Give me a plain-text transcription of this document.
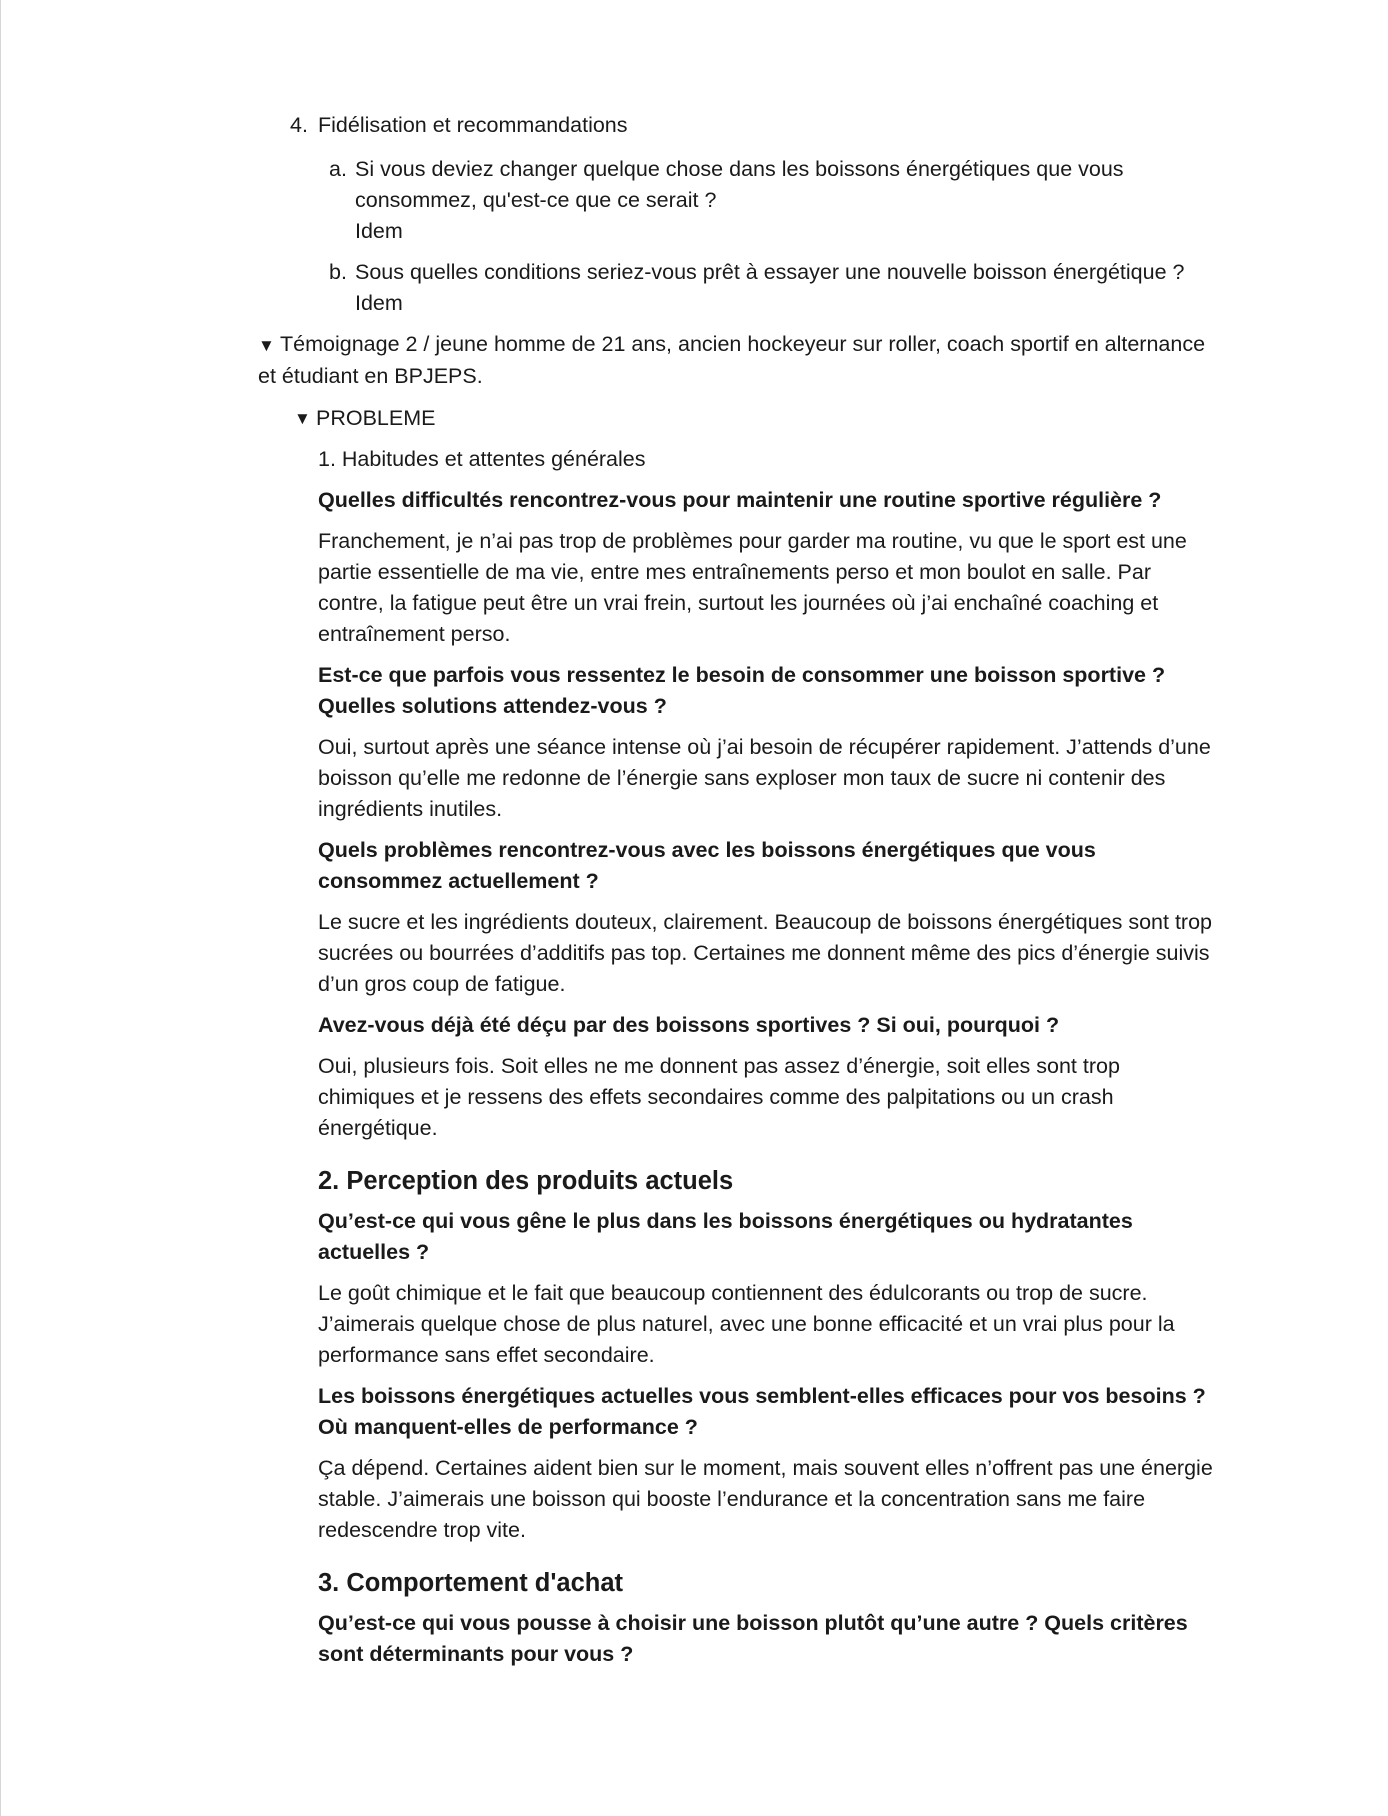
4. Fidélisation et recommandations

a. Si vous deviez changer quelque chose dans les boissons énergétiques que vous consommez, qu'est-ce que ce serait ?

Idem

b. Sous quelles conditions seriez-vous prêt à essayer une nouvelle boisson énergétique ?

Idem

▼ Témoignage 2 / jeune homme de 21 ans, ancien hockeyeur sur roller, coach sportif en alternance et étudiant en BPJEPS.

▼ PROBLEME

1. Habitudes et attentes générales

Quelles difficultés rencontrez-vous pour maintenir une routine sportive régulière ?

Franchement, je n’ai pas trop de problèmes pour garder ma routine, vu que le sport est une partie essentielle de ma vie, entre mes entraînements perso et mon boulot en salle. Par contre, la fatigue peut être un vrai frein, surtout les journées où j’ai enchaîné coaching et entraînement perso.

Est-ce que parfois vous ressentez le besoin de consommer une boisson sportive ? Quelles solutions attendez-vous ?

Oui, surtout après une séance intense où j’ai besoin de récupérer rapidement. J’attends d’une boisson qu’elle me redonne de l’énergie sans exploser mon taux de sucre ni contenir des ingrédients inutiles.

Quels problèmes rencontrez-vous avec les boissons énergétiques que vous consommez actuellement ?

Le sucre et les ingrédients douteux, clairement. Beaucoup de boissons énergétiques sont trop sucrées ou bourrées d’additifs pas top. Certaines me donnent même des pics d’énergie suivis d’un gros coup de fatigue.

Avez-vous déjà été déçu par des boissons sportives ? Si oui, pourquoi ?

Oui, plusieurs fois. Soit elles ne me donnent pas assez d’énergie, soit elles sont trop chimiques et je ressens des effets secondaires comme des palpitations ou un crash énergétique.

2. Perception des produits actuels

Qu’est-ce qui vous gêne le plus dans les boissons énergétiques ou hydratantes actuelles ?

Le goût chimique et le fait que beaucoup contiennent des édulcorants ou trop de sucre. J’aimerais quelque chose de plus naturel, avec une bonne efficacité et un vrai plus pour la performance sans effet secondaire.

Les boissons énergétiques actuelles vous semblent-elles efficaces pour vos besoins ? Où manquent-elles de performance ?

Ça dépend. Certaines aident bien sur le moment, mais souvent elles n’offrent pas une énergie stable. J’aimerais une boisson qui booste l’endurance et la concentration sans me faire redescendre trop vite.

3. Comportement d'achat

Qu’est-ce qui vous pousse à choisir une boisson plutôt qu’une autre ? Quels critères sont déterminants pour vous ?
